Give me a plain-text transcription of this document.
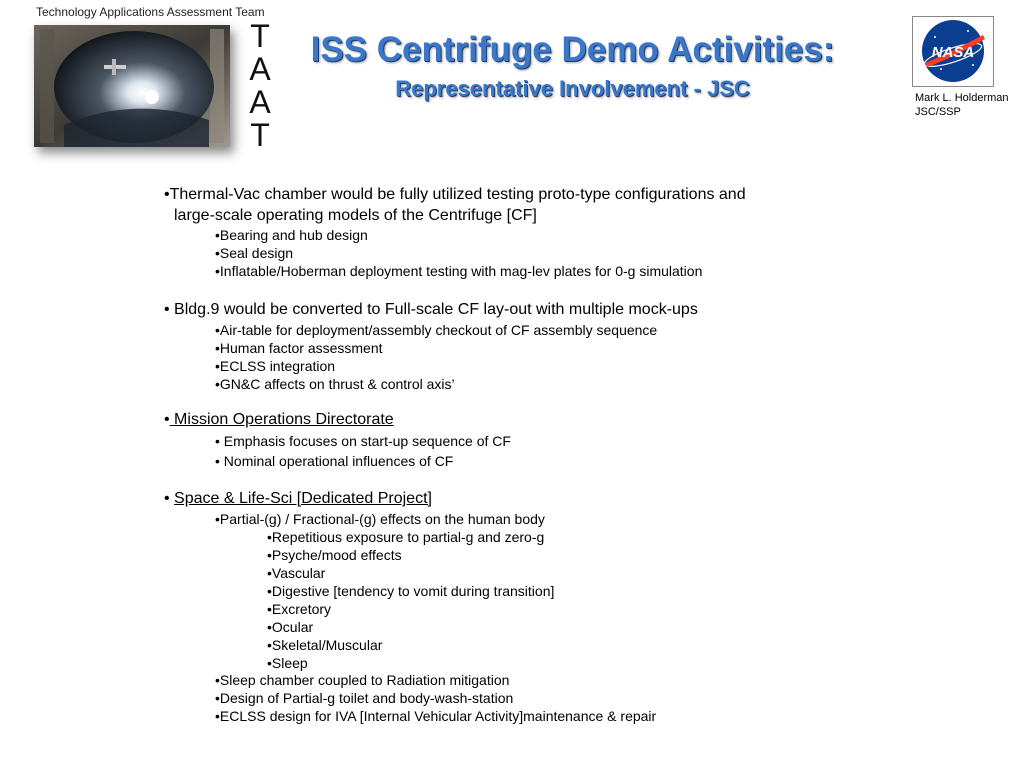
Technology Applications Assessment Team
T
A
A
T
ISS Centrifuge Demo Activities:
Representative Involvement - JSC
NASA
Mark L. Holderman
JSC/SSP
•Thermal-Vac chamber would be fully utilized testing proto-type configurations and
large-scale operating models of the Centrifuge [CF]
•Bearing and hub design
•Seal design
•Inflatable/Hoberman deployment testing with mag-lev plates for 0-g simulation
• Bldg.9 would be converted to Full-scale CF lay-out with multiple mock-ups
•Air-table for deployment/assembly checkout of CF assembly sequence
•Human factor assessment
•ECLSS integration
•GN&C affects on thrust & control axis’
• Mission Operations Directorate
• Emphasis focuses on start-up sequence of CF
• Nominal operational influences of CF
• Space & Life-Sci [Dedicated Project]
•Partial-(g) / Fractional-(g) effects on the human body
•Repetitious exposure to partial-g and zero-g
•Psyche/mood effects
•Vascular
•Digestive [tendency to vomit during transition]
•Excretory
•Ocular
•Skeletal/Muscular
•Sleep
•Sleep chamber coupled to Radiation mitigation
•Design of Partial-g toilet and body-wash-station
•ECLSS design for IVA [Internal Vehicular Activity]maintenance & repair
